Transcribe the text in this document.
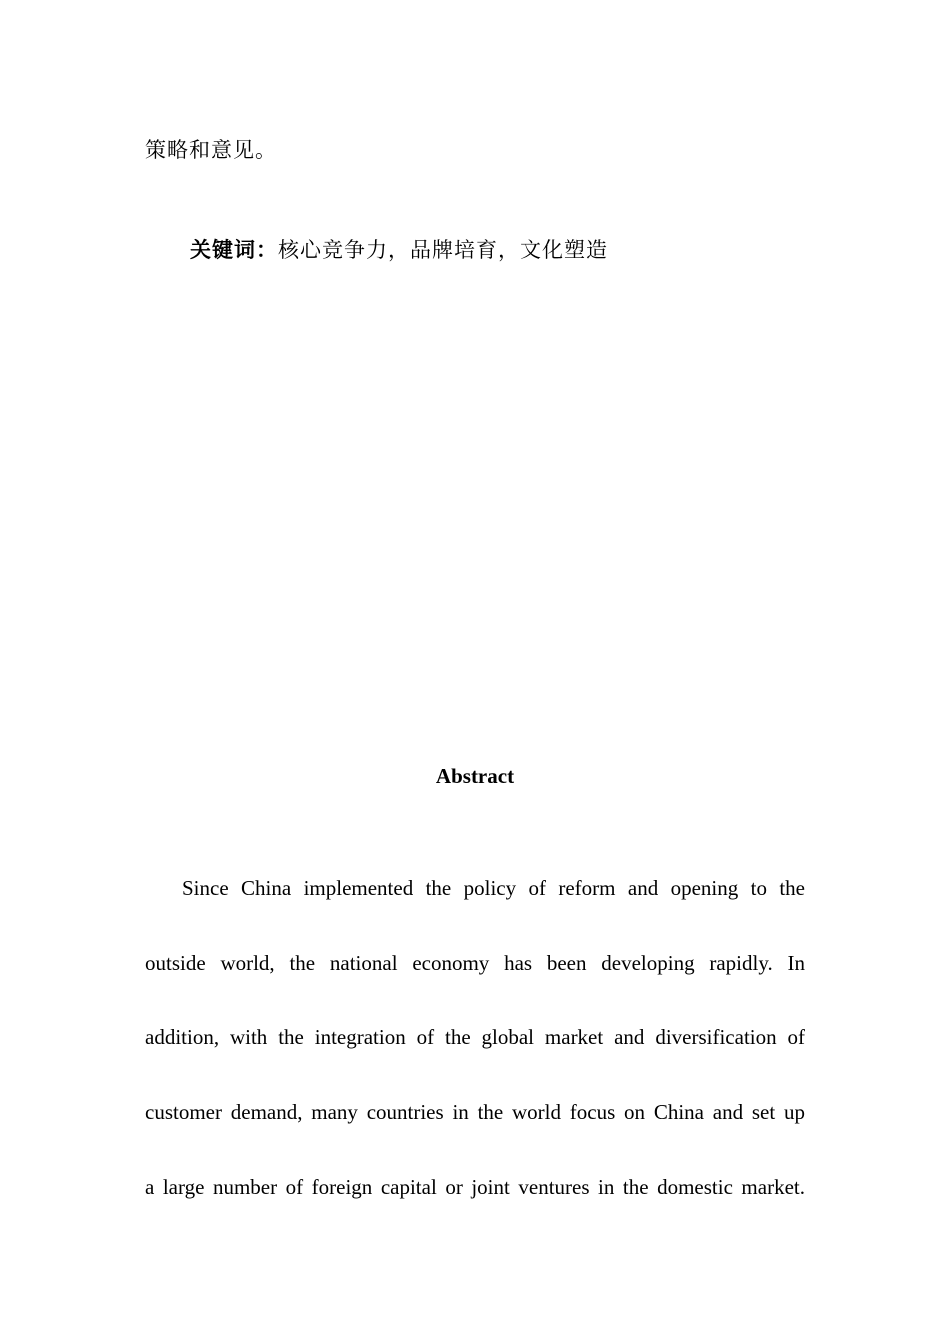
策略和意见。
关键词：核心竞争力，品牌培育，文化塑造
Abstract
Since China implemented the policy of reform and opening to the
outside world, the national economy has been developing rapidly. In
addition, with the integration of the global market and diversification of
customer demand, many countries in the world focus on China and set up
a large number of foreign capital or joint ventures in the domestic market.
